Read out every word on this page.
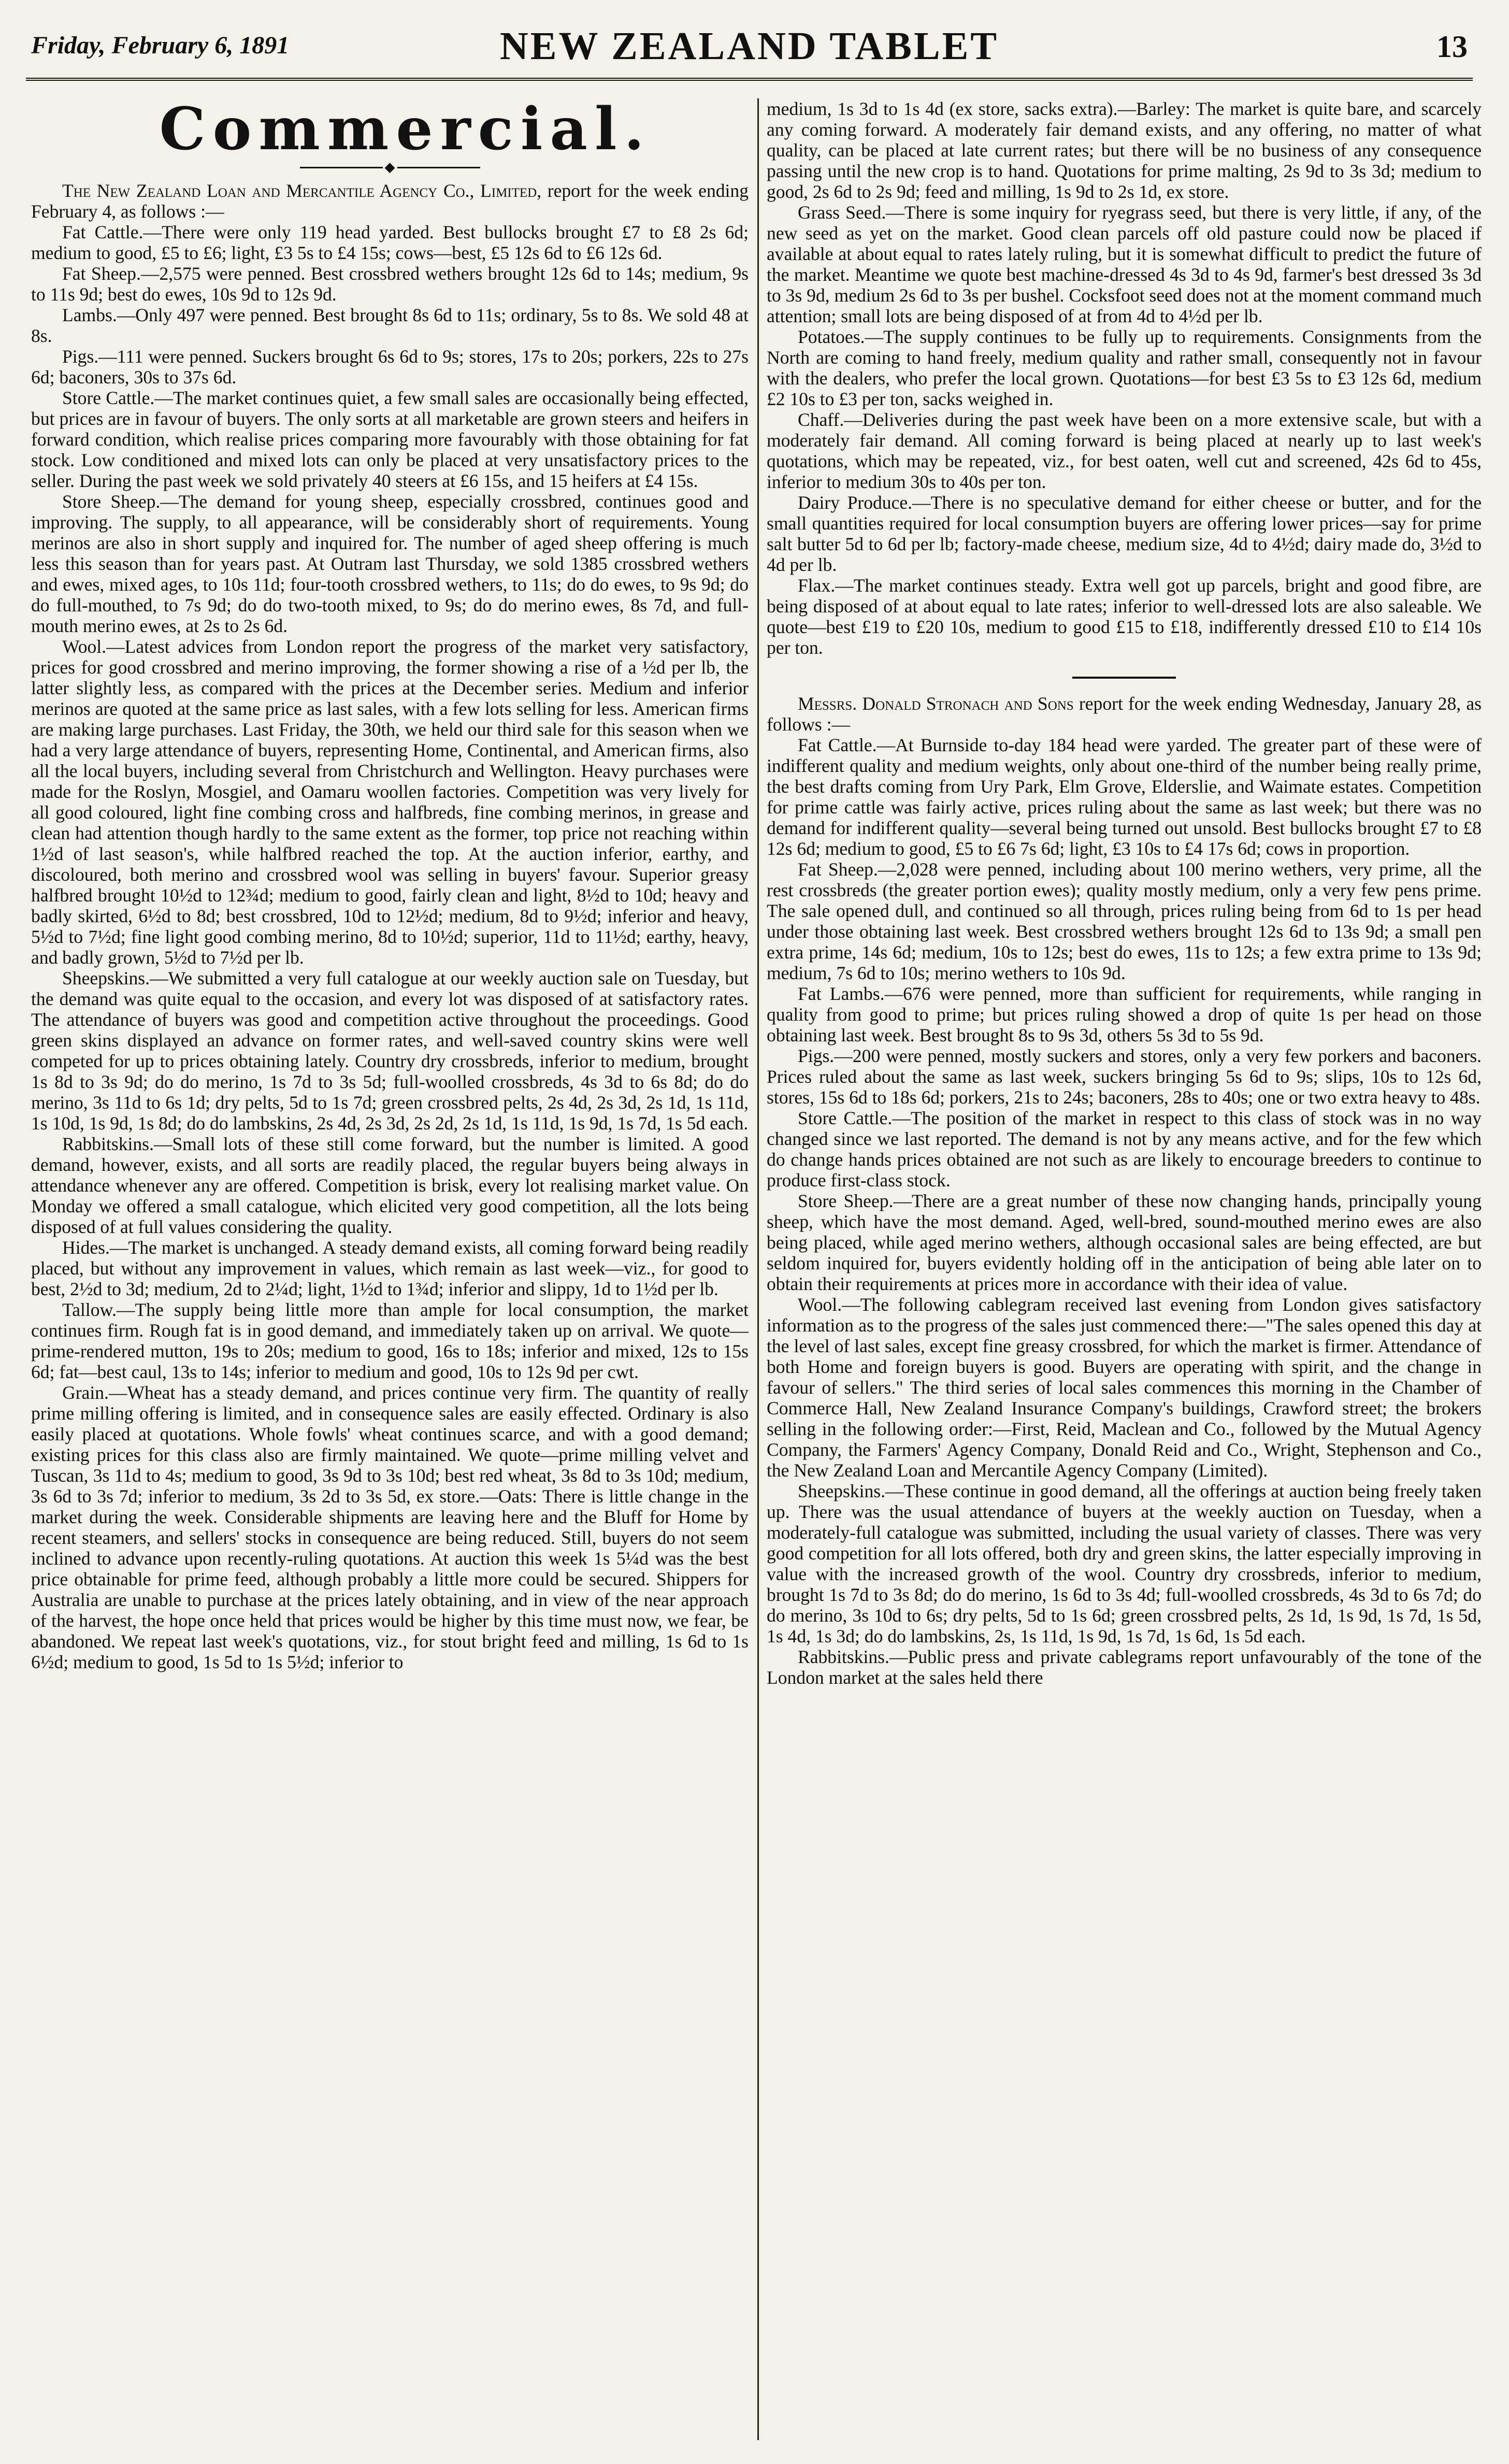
Friday, February 6, 1891	NEW ZEALAND TABLET	13

Commercial.

◆

The New Zealand Loan and Mercantile Agency Co., Limited, report for the week ending February 4, as follows :—

Fat Cattle.—There were only 119 head yarded. Best bullocks brought £7 to £8 2s 6d; medium to good, £5 to £6; light, £3 5s to £4 15s; cows—best, £5 12s 6d to £6 12s 6d.

Fat Sheep.—2,575 were penned. Best crossbred wethers brought 12s 6d to 14s; medium, 9s to 11s 9d; best do ewes, 10s 9d to 12s 9d.

Lambs.—Only 497 were penned. Best brought 8s 6d to 11s; ordinary, 5s to 8s. We sold 48 at 8s.

Pigs.—111 were penned. Suckers brought 6s 6d to 9s; stores, 17s to 20s; porkers, 22s to 27s 6d; baconers, 30s to 37s 6d.

Store Cattle.—The market continues quiet, a few small sales are occasionally being effected, but prices are in favour of buyers. The only sorts at all marketable are grown steers and heifers in forward condition, which realise prices comparing more favourably with those obtaining for fat stock. Low conditioned and mixed lots can only be placed at very unsatisfactory prices to the seller. During the past week we sold privately 40 steers at £6 15s, and 15 heifers at £4 15s.

Store Sheep.—The demand for young sheep, especially crossbred, continues good and improving. The supply, to all appearance, will be considerably short of requirements. Young merinos are also in short supply and inquired for. The number of aged sheep offering is much less this season than for years past. At Outram last Thursday, we sold 1385 crossbred wethers and ewes, mixed ages, to 10s 11d; four-tooth crossbred wethers, to 11s; do do ewes, to 9s 9d; do do full-mouthed, to 7s 9d; do do two-tooth mixed, to 9s; do do merino ewes, 8s 7d, and full-mouth merino ewes, at 2s to 2s 6d.

Wool.—Latest advices from London report the progress of the market very satisfactory, prices for good crossbred and merino improving, the former showing a rise of a ½d per lb, the latter slightly less, as compared with the prices at the December series. Medium and inferior merinos are quoted at the same price as last sales, with a few lots selling for less. American firms are making large purchases. Last Friday, the 30th, we held our third sale for this season when we had a very large attendance of buyers, representing Home, Continental, and American firms, also all the local buyers, including several from Christchurch and Wellington. Heavy purchases were made for the Roslyn, Mosgiel, and Oamaru woollen factories. Competition was very lively for all good coloured, light fine combing cross and halfbreds, fine combing merinos, in grease and clean had attention though hardly to the same extent as the former, top price not reaching within 1½d of last season's, while halfbred reached the top. At the auction inferior, earthy, and discoloured, both merino and crossbred wool was selling in buyers' favour. Superior greasy halfbred brought 10½d to 12¾d; medium to good, fairly clean and light, 8½d to 10d; heavy and badly skirted, 6½d to 8d; best crossbred, 10d to 12½d; medium, 8d to 9½d; inferior and heavy, 5½d to 7½d; fine light good combing merino, 8d to 10½d; superior, 11d to 11½d; earthy, heavy, and badly grown, 5½d to 7½d per lb.

Sheepskins.—We submitted a very full catalogue at our weekly auction sale on Tuesday, but the demand was quite equal to the occasion, and every lot was disposed of at satisfactory rates. The attendance of buyers was good and competition active throughout the proceedings. Good green skins displayed an advance on former rates, and well-saved country skins were well competed for up to prices obtaining lately. Country dry crossbreds, inferior to medium, brought 1s 8d to 3s 9d; do do merino, 1s 7d to 3s 5d; full-woolled crossbreds, 4s 3d to 6s 8d; do do merino, 3s 11d to 6s 1d; dry pelts, 5d to 1s 7d; green crossbred pelts, 2s 4d, 2s 3d, 2s 1d, 1s 11d, 1s 10d, 1s 9d, 1s 8d; do do lambskins, 2s 4d, 2s 3d, 2s 2d, 2s 1d, 1s 11d, 1s 9d, 1s 7d, 1s 5d each.

Rabbitskins.—Small lots of these still come forward, but the number is limited. A good demand, however, exists, and all sorts are readily placed, the regular buyers being always in attendance whenever any are offered. Competition is brisk, every lot realising market value. On Monday we offered a small catalogue, which elicited very good competition, all the lots being disposed of at full values considering the quality.

Hides.—The market is unchanged. A steady demand exists, all coming forward being readily placed, but without any improvement in values, which remain as last week—viz., for good to best, 2½d to 3d; medium, 2d to 2¼d; light, 1½d to 1¾d; inferior and slippy, 1d to 1½d per lb.

Tallow.—The supply being little more than ample for local consumption, the market continues firm. Rough fat is in good demand, and immediately taken up on arrival. We quote—prime-rendered mutton, 19s to 20s; medium to good, 16s to 18s; inferior and mixed, 12s to 15s 6d; fat—best caul, 13s to 14s; inferior to medium and good, 10s to 12s 9d per cwt.

Grain.—Wheat has a steady demand, and prices continue very firm. The quantity of really prime milling offering is limited, and in consequence sales are easily effected. Ordinary is also easily placed at quotations. Whole fowls' wheat continues scarce, and with a good demand; existing prices for this class also are firmly maintained. We quote—prime milling velvet and Tuscan, 3s 11d to 4s; medium to good, 3s 9d to 3s 10d; best red wheat, 3s 8d to 3s 10d; medium, 3s 6d to 3s 7d; inferior to medium, 3s 2d to 3s 5d, ex store.—Oats: There is little change in the market during the week. Considerable shipments are leaving here and the Bluff for Home by recent steamers, and sellers' stocks in consequence are being reduced. Still, buyers do not seem inclined to advance upon recently-ruling quotations. At auction this week 1s 5¼d was the best price obtainable for prime feed, although probably a little more could be secured. Shippers for Australia are unable to purchase at the prices lately obtaining, and in view of the near approach of the harvest, the hope once held that prices would be higher by this time must now, we fear, be abandoned. We repeat last week's quotations, viz., for stout bright feed and milling, 1s 6d to 1s 6½d; medium to good, 1s 5d to 1s 5½d; inferior to

medium, 1s 3d to 1s 4d (ex store, sacks extra).—Barley: The market is quite bare, and scarcely any coming forward. A moderately fair demand exists, and any offering, no matter of what quality, can be placed at late current rates; but there will be no business of any consequence passing until the new crop is to hand. Quotations for prime malting, 2s 9d to 3s 3d; medium to good, 2s 6d to 2s 9d; feed and milling, 1s 9d to 2s 1d, ex store.

Grass Seed.—There is some inquiry for ryegrass seed, but there is very little, if any, of the new seed as yet on the market. Good clean parcels off old pasture could now be placed if available at about equal to rates lately ruling, but it is somewhat difficult to predict the future of the market. Meantime we quote best machine-dressed 4s 3d to 4s 9d, farmer's best dressed 3s 3d to 3s 9d, medium 2s 6d to 3s per bushel. Cocksfoot seed does not at the moment command much attention; small lots are being disposed of at from 4d to 4½d per lb.

Potatoes.—The supply continues to be fully up to requirements. Consignments from the North are coming to hand freely, medium quality and rather small, consequently not in favour with the dealers, who prefer the local grown. Quotations—for best £3 5s to £3 12s 6d, medium £2 10s to £3 per ton, sacks weighed in.

Chaff.—Deliveries during the past week have been on a more extensive scale, but with a moderately fair demand. All coming forward is being placed at nearly up to last week's quotations, which may be repeated, viz., for best oaten, well cut and screened, 42s 6d to 45s, inferior to medium 30s to 40s per ton.

Dairy Produce.—There is no speculative demand for either cheese or butter, and for the small quantities required for local consumption buyers are offering lower prices—say for prime salt butter 5d to 6d per lb; factory-made cheese, medium size, 4d to 4½d; dairy made do, 3½d to 4d per lb.

Flax.—The market continues steady. Extra well got up parcels, bright and good fibre, are being disposed of at about equal to late rates; inferior to well-dressed lots are also saleable. We quote—best £19 to £20 10s, medium to good £15 to £18, indifferently dressed £10 to £14 10s per ton.

Messrs. Donald Stronach and Sons report for the week ending Wednesday, January 28, as follows :—

Fat Cattle.—At Burnside to-day 184 head were yarded. The greater part of these were of indifferent quality and medium weights, only about one-third of the number being really prime, the best drafts coming from Ury Park, Elm Grove, Elderslie, and Waimate estates. Competition for prime cattle was fairly active, prices ruling about the same as last week; but there was no demand for indifferent quality—several being turned out unsold. Best bullocks brought £7 to £8 12s 6d; medium to good, £5 to £6 7s 6d; light, £3 10s to £4 17s 6d; cows in proportion.

Fat Sheep.—2,028 were penned, including about 100 merino wethers, very prime, all the rest crossbreds (the greater portion ewes); quality mostly medium, only a very few pens prime. The sale opened dull, and continued so all through, prices ruling being from 6d to 1s per head under those obtaining last week. Best crossbred wethers brought 12s 6d to 13s 9d; a small pen extra prime, 14s 6d; medium, 10s to 12s; best do ewes, 11s to 12s; a few extra prime to 13s 9d; medium, 7s 6d to 10s; merino wethers to 10s 9d.

Fat Lambs.—676 were penned, more than sufficient for requirements, while ranging in quality from good to prime; but prices ruling showed a drop of quite 1s per head on those obtaining last week. Best brought 8s to 9s 3d, others 5s 3d to 5s 9d.

Pigs.—200 were penned, mostly suckers and stores, only a very few porkers and baconers. Prices ruled about the same as last week, suckers bringing 5s 6d to 9s; slips, 10s to 12s 6d, stores, 15s 6d to 18s 6d; porkers, 21s to 24s; baconers, 28s to 40s; one or two extra heavy to 48s.

Store Cattle.—The position of the market in respect to this class of stock was in no way changed since we last reported. The demand is not by any means active, and for the few which do change hands prices obtained are not such as are likely to encourage breeders to continue to produce first-class stock.

Store Sheep.—There are a great number of these now changing hands, principally young sheep, which have the most demand. Aged, well-bred, sound-mouthed merino ewes are also being placed, while aged merino wethers, although occasional sales are being effected, are but seldom inquired for, buyers evidently holding off in the anticipation of being able later on to obtain their requirements at prices more in accordance with their idea of value.

Wool.—The following cablegram received last evening from London gives satisfactory information as to the progress of the sales just commenced there:—"The sales opened this day at the level of last sales, except fine greasy crossbred, for which the market is firmer. Attendance of both Home and foreign buyers is good. Buyers are operating with spirit, and the change in favour of sellers." The third series of local sales commences this morning in the Chamber of Commerce Hall, New Zealand Insurance Company's buildings, Crawford street; the brokers selling in the following order:—First, Reid, Maclean and Co., followed by the Mutual Agency Company, the Farmers' Agency Company, Donald Reid and Co., Wright, Stephenson and Co., the New Zealand Loan and Mercantile Agency Company (Limited).

Sheepskins.—These continue in good demand, all the offerings at auction being freely taken up. There was the usual attendance of buyers at the weekly auction on Tuesday, when a moderately-full catalogue was submitted, including the usual variety of classes. There was very good competition for all lots offered, both dry and green skins, the latter especially improving in value with the increased growth of the wool. Country dry crossbreds, inferior to medium, brought 1s 7d to 3s 8d; do do merino, 1s 6d to 3s 4d; full-woolled crossbreds, 4s 3d to 6s 7d; do do merino, 3s 10d to 6s; dry pelts, 5d to 1s 6d; green crossbred pelts, 2s 1d, 1s 9d, 1s 7d, 1s 5d, 1s 4d, 1s 3d; do do lambskins, 2s, 1s 11d, 1s 9d, 1s 7d, 1s 6d, 1s 5d each.

Rabbitskins.—Public press and private cablegrams report unfavourably of the tone of the London market at the sales held there
